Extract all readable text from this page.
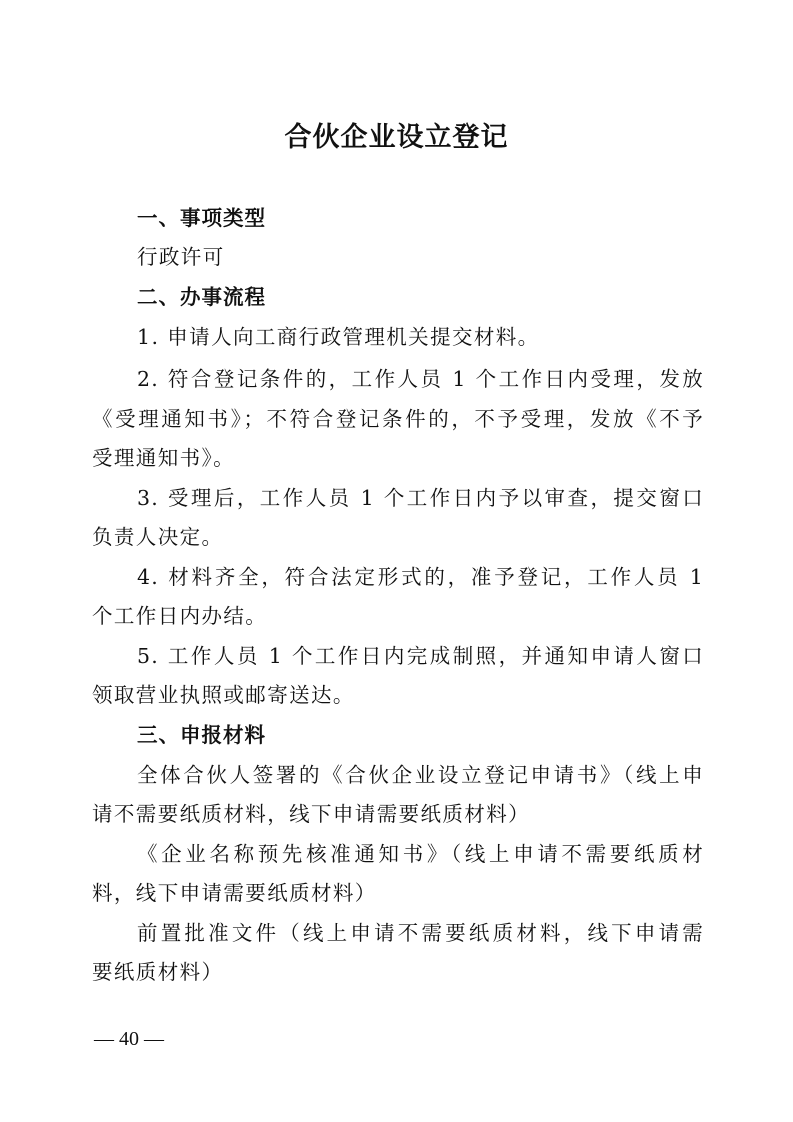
合伙企业设立登记
一、事项类型
行政许可
二、办事流程
1. 申请人向工商行政管理机关提交材料。
2. 符合登记条件的，工作人员 1 个工作日内受理，发放
《受理通知书》；不符合登记条件的，不予受理，发放《不予
受理通知书》。
3. 受理后，工作人员 1 个工作日内予以审查，提交窗口
负责人决定。
4. 材料齐全，符合法定形式的，准予登记，工作人员 1
个工作日内办结。
5. 工作人员 1 个工作日内完成制照，并通知申请人窗口
领取营业执照或邮寄送达。
三、申报材料
全体合伙人签署的《合伙企业设立登记申请书》（线上申
请不需要纸质材料，线下申请需要纸质材料）
《企业名称预先核准通知书》（线上申请不需要纸质材
料，线下申请需要纸质材料）
前置批准文件（线上申请不需要纸质材料，线下申请需
要纸质材料）
— 40 —
